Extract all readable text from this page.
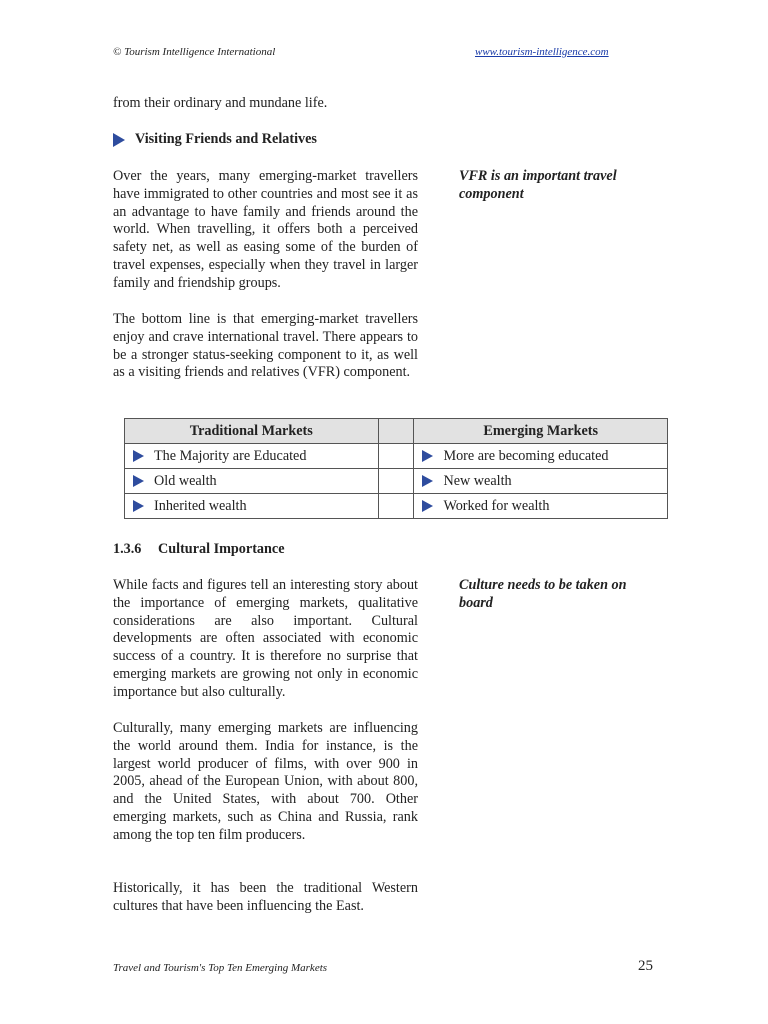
© Tourism Intelligence International	www.tourism-intelligence.com

from their ordinary and mundane life.

Visiting Friends and Relatives

Over the years, many emerging-market travellers have immigrated to other countries and most see it as an advantage to have family and friends around the world. When travelling, it offers both a perceived safety net, as well as easing some of the burden of travel expenses, especially when they travel in larger family and friendship groups.

The bottom line is that emerging-market travellers enjoy and crave international travel. There appears to be a stronger status-seeking component to it, as well as a visiting friends and relatives (VFR) component.

VFR is an important travel component
Traditional Markets		Emerging Markets

The Majority are Educated		More are becoming educated

Old wealth		New wealth

Inherited wealth		Worked for wealth
1.3.6 Cultural Importance

While facts and figures tell an interesting story about the importance of emerging markets, qualitative considerations are also important. Cultural developments are often associated with economic success of a country. It is therefore no surprise that emerging markets are growing not only in economic importance but also culturally.

Culturally, many emerging markets are influencing the world around them. India for instance, is the largest world producer of films, with over 900 in 2005, ahead of the European Union, with about 800, and the United States, with about 700. Other emerging markets, such as China and Russia, rank among the top ten film producers.

Historically, it has been the traditional Western cultures that have been influencing the East.

Culture needs to be taken on board
Travel and Tourism's Top Ten Emerging Markets	25
